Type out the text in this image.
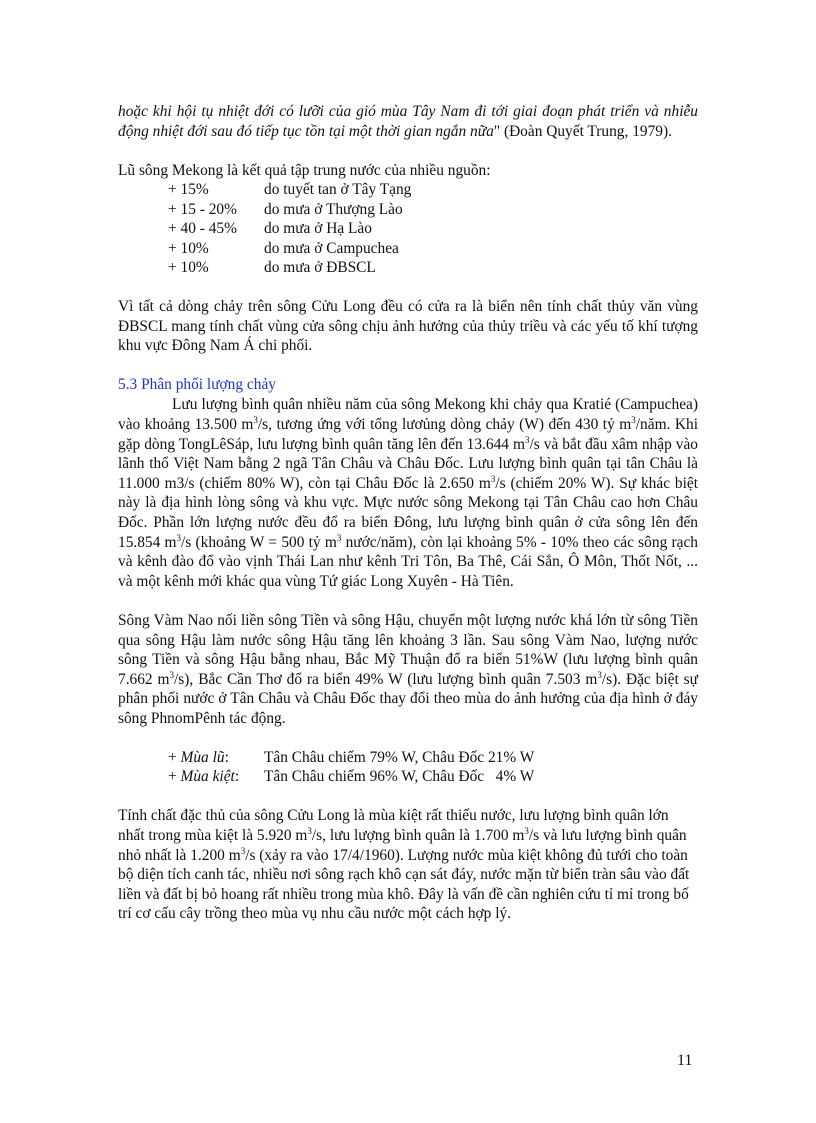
hoặc khi hội tụ nhiệt đới có lưỡi của gió mùa Tây Nam đi tới giai đoạn phát triển và nhiễu động nhiệt đới sau đó tiếp tục tồn tại một thời gian ngắn nữa" (Đoàn Quyết Trung, 1979).

Lũ sông Mekong là kết quả tập trung nước của nhiều nguồn:

+ 15%	do tuyết tan ở Tây Tạng
+ 15 - 20%	do mưa ở Thượng Lào
+ 40 - 45%	do mưa ở Hạ Lào
+ 10%	do mưa ở Campuchea
+ 10%	do mưa ở ĐBSCL

Vì tất cả dòng chảy trên sông Cửu Long đều có cửa ra là biển nên tính chất thủy văn vùng ĐBSCL mang tính chất vùng cửa sông chịu ảnh hưởng của thủy triều và các yếu tố khí tượng khu vực Đông Nam Á chi phối.

5.3 Phân phối lượng chảy

Lưu lượng bình quân nhiều năm của sông Mekong khi chảy qua Kratié (Campuchea) vào khoảng 13.500 $m^3/s$, tương ứng với tổng lươủng dòng chảy (W) đến 430 tỷ $m^3$/năm. Khi gặp dòng TongLêSáp, lưu lượng bình quân tăng lên đến 13.644 $m^3/s$ và bắt đầu xâm nhập vào lãnh thổ Việt Nam bằng 2 ngã Tân Châu và Châu Đốc. Lưu lượng bình quân tại tân Châu là 11.000 m3/s (chiếm 80% W), còn tại Châu Đốc là 2.650 $m^3/s$ (chiếm 20% W). Sự khác biệt này là địa hình lòng sông và khu vực. Mực nước sông Mekong tại Tân Châu cao hơn Châu Đốc. Phần lớn lượng nước đều đổ ra biển Đông, lưu lượng bình quân ở cửa sông lên đến 15.854 $m^3/s$ (khoảng W = 500 tỷ $m^3$ nước/năm), còn lại khoảng 5% - 10% theo các sông rạch và kênh đào đổ vào vịnh Thái Lan như kênh Tri Tôn, Ba Thê, Cái Sắn, Ô Môn, Thốt Nốt, ... và một kênh mới khác qua vùng Tứ giác Long Xuyên - Hà Tiên.

Sông Vàm Nao nối liền sông Tiền và sông Hậu, chuyển một lượng nước khá lớn từ sông Tiền qua sông Hậu làm nước sông Hậu tăng lên khoảng 3 lần. Sau sông Vàm Nao, lượng nước sông Tiền và sông Hậu bằng nhau, Bắc Mỹ Thuận đổ ra biển 51%W (lưu lượng bình quân 7.662 $m^3/s$), Bắc Cần Thơ đổ ra biển 49% W (lưu lượng bình quân 7.503 $m^3/s$). Đặc biệt sự phân phối nước ở Tân Châu và Châu Đốc thay đổi theo mùa do ảnh hưởng của địa hình ở đáy sông PhnomPênh tác động.

+ Mùa lũ:	Tân Châu chiếm 79% W, Châu Đốc 21% W
+ Mùa kiệt:	Tân Châu chiếm 96% W, Châu Đốc   4% W

Tính chất đặc thủ của sông Cửu Long là mùa kiệt rất thiếu nước, lưu lượng bình quân lớn nhất trong mùa kiệt là 5.920 $m^3/s$, lưu lượng bình quân là 1.700 $m^3/s$ và lưu lượng bình quân nhỏ nhất là 1.200 $m^3/s$ (xảy ra vào 17/4/1960). Lượng nước mùa kiệt không đủ tưới cho toàn bộ diện tích canh tác, nhiều nơi sông rạch khô cạn sát đáy, nước mặn từ biển tràn sâu vào đất liền và đất bị bỏ hoang rất nhiều trong mùa khô. Đây là vấn đề cần nghiên cứu tỉ mỉ trong bố trí cơ cấu cây trồng theo mùa vụ nhu cầu nước một cách hợp lý.

11
